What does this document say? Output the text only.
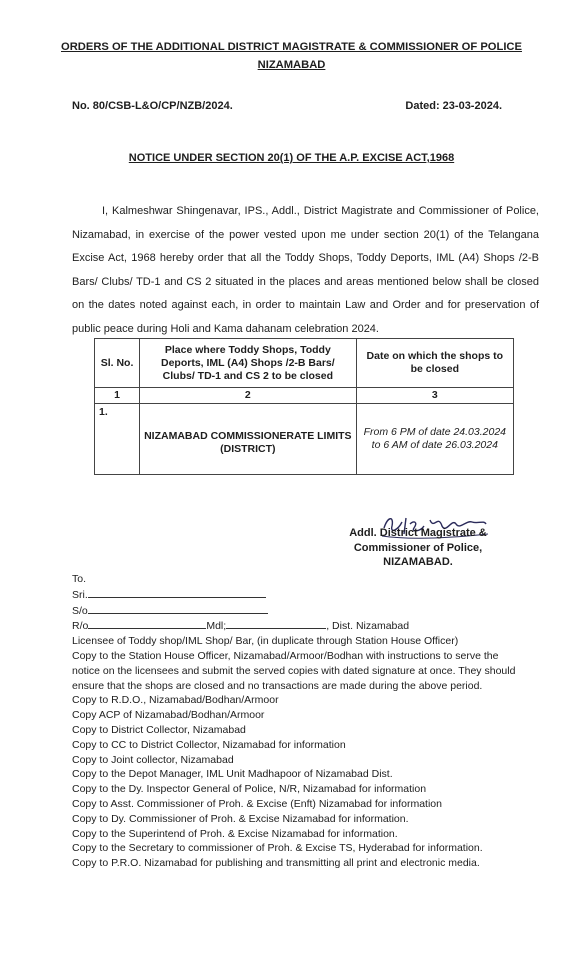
ORDERS OF THE ADDITIONAL DISTRICT MAGISTRATE & COMMISSIONER OF POLICE
NIZAMABAD
No. 80/CSB-L&O/CP/NZB/2024.	Dated: 23-03-2024.
NOTICE UNDER SECTION 20(1) OF THE A.P. EXCISE ACT,1968

I, Kalmeshwar Shingenavar, IPS., Addl., District Magistrate and Commissioner of Police, Nizamabad, in exercise of the power vested upon me under section 20(1) of the Telangana Excise Act, 1968 hereby order that all the Toddy Shops, Toddy Deports, IML (A4) Shops /2-B Bars/ Clubs/ TD-1 and CS 2 situated in the places and areas mentioned below shall be closed on the dates noted against each, in order to maintain Law and Order and for preservation of public peace during Holi and Kama dahanam celebration 2024.

Sl. No.	Place where Toddy Shops, Toddy Deports, IML (A4) Shops /2-B Bars/ Clubs/ TD-1 and CS 2 to be closed	Date on which the shops to be closed
1	2	3
1.	NIZAMABAD COMMISSIONERATE LIMITS (DISTRICT)	From 6 PM of date 24.03.2024 to 6 AM of date 26.03.2024
Addl. District Magistrate &
Commissioner of Police,
NIZAMABAD.
To.
Sri.
S/o
R/o	Mdl;	, Dist. Nizamabad
Licensee of Toddy shop/IML Shop/ Bar, (in duplicate through Station House Officer)
Copy to the Station House Officer, Nizamabad/Armoor/Bodhan with instructions to serve the
notice on the licensees and submit the served copies with dated signature at once. They should
ensure that the shops are closed and no transactions are made during the above period.
Copy to R.D.O., Nizamabad/Bodhan/Armoor
Copy ACP of Nizamabad/Bodhan/Armoor
Copy to District Collector, Nizamabad
Copy to CC to District Collector, Nizamabad for information
Copy to Joint collector, Nizamabad
Copy to the Depot Manager, IML Unit Madhapoor of Nizamabad Dist.
Copy to the Dy. Inspector General of Police, N/R, Nizamabad for information
Copy to Asst. Commissioner of Proh. & Excise (Enft) Nizamabad for information
Copy to Dy. Commissioner of Proh. & Excise Nizamabad for information.
Copy to the Superintend of Proh. & Excise Nizamabad for information.
Copy to the Secretary to commissioner of Proh. & Excise TS, Hyderabad for information.
Copy to P.R.O. Nizamabad for publishing and transmitting all print and electronic media.
